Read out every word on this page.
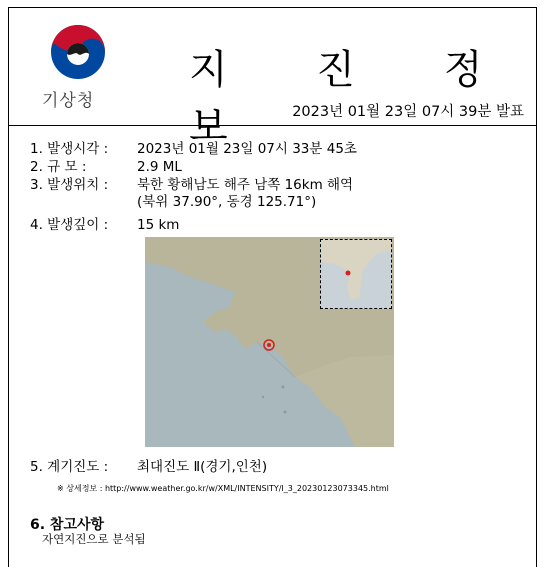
기상청
지 진 정 보	2023년 01월 23일 07시 39분 발표
1. 발생시각 : 2023년 01월 23일 07시 33분 45초
2. 규 모 :	2.9 ML
3. 발생위치 : 북한 황해남도 해주 남쪽 16km 해역
(북위 37.90°, 동경 125.71°)
4. 발생깊이 : 15 km
5. 계기진도 : 최대진도 Ⅱ(경기,인천)
※ 상세정보 : http://www.weather.go.kr/w/XML/INTENSITY/I_3_20230123073345.html
6. 참고사항
자연지진으로 분석됨
